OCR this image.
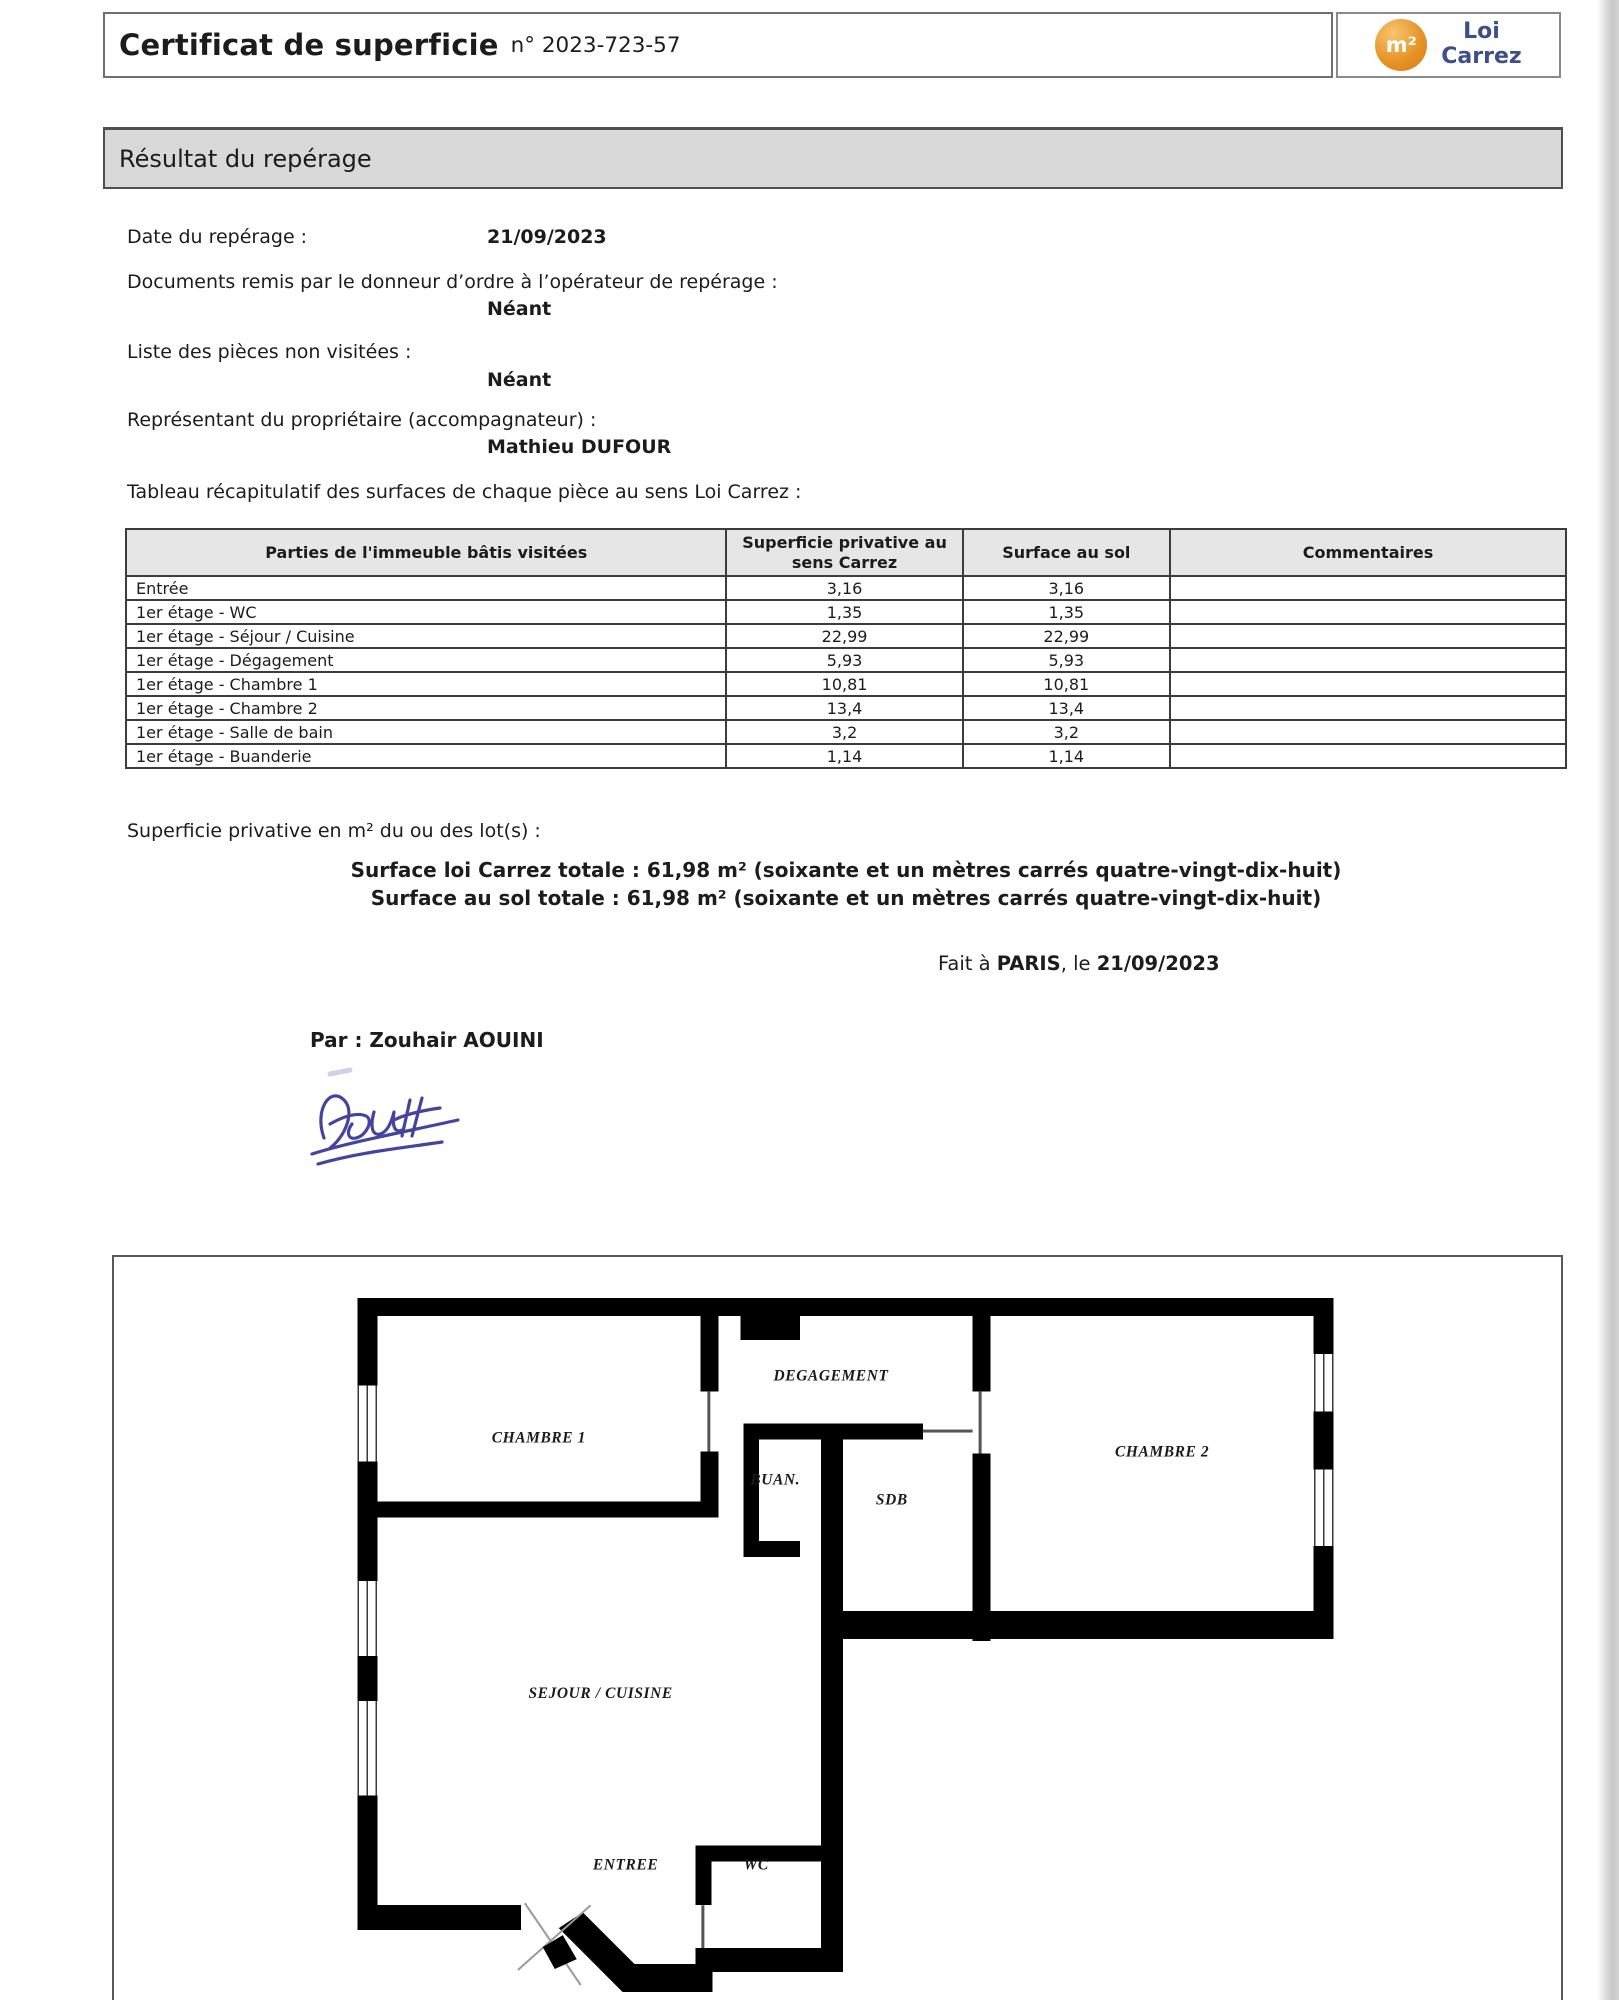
Certificat de superficie n° 2023-723-57	m²
Loi
Carrez
Résultat du repérage
Date du repérage :	21/09/2023
Documents remis par le donneur d’ordre à l’opérateur de repérage :
Néant
Liste des pièces non visitées :
Néant
Représentant du propriétaire (accompagnateur) :
Mathieu DUFOUR
Tableau récapitulatif des surfaces de chaque pièce au sens Loi Carrez :
Parties de l'immeuble bâtis visitées	Superficie privative au sens Carrez	Surface au sol	Commentaires
Entrée	3,16	3,16	
1er étage - WC	1,35	1,35	
1er étage - Séjour / Cuisine	22,99	22,99	
1er étage - Dégagement	5,93	5,93	
1er étage - Chambre 1	10,81	10,81	
1er étage - Chambre 2	13,4	13,4	
1er étage - Salle de bain	3,2	3,2	
1er étage - Buanderie	1,14	1,14	
Superficie privative en m² du ou des lot(s) :
Surface loi Carrez totale : 61,98 m² (soixante et un mètres carrés quatre-vingt-dix-huit)
Surface au sol totale : 61,98 m² (soixante et un mètres carrés quatre-vingt-dix-huit)
Fait à PARIS, le 21/09/2023
Par : Zouhair AOUINI
DEGAGEMENT
CHAMBRE 1
CHAMBRE 2
BUAN.
SDB
SEJOUR / CUISINE
ENTREE	WC
